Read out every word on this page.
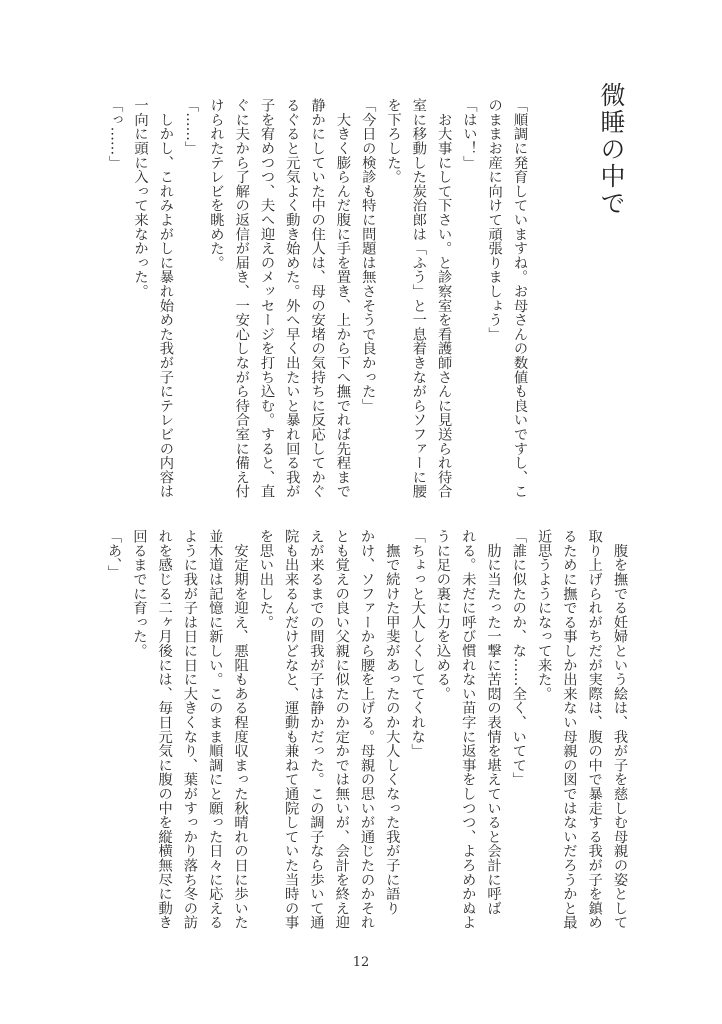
微睡の中で
「順調に発育していますね。お母さんの数値も良いですし、こ
のままお産に向けて頑張りましょう」
「はい！」
　お大事にして下さい。と診察室を看護師さんに見送られ待合
室に移動した炭治郎は「ふう」と一息着きながらソファーに腰
を下ろした。
「今日の検診も特に問題は無さそうで良かった」
　大きく膨らんだ腹に手を置き、上から下へ撫でれば先程まで
静かにしていた中の住人は、母の安堵の気持ちに反応してかぐ
るぐると元気よく動き始めた。外へ早く出たいと暴れ回る我が
子を宥めつつ、夫へ迎えのメッセージを打ち込む。すると、直
ぐに夫から了解の返信が届き、一安心しながら待合室に備え付
けられたテレビを眺めた。
「……」
　しかし、これみよがしに暴れ始めた我が子にテレビの内容は
一向に頭に入って来なかった。
「っ……」
　腹を撫でる妊婦という絵は、我が子を慈しむ母親の姿として
取り上げられがちだが実際は、腹の中で暴走する我が子を鎮め
るために撫でる事しか出来ない母親の図ではないだろうかと最
近思うようになって来た。
「誰に似たのか、な……全く、いてて」
　肋に当たった一撃に苦悶の表情を堪えていると会計に呼ば
れる。未だに呼び慣れない苗字に返事をしつつ、よろめかぬよ
うに足の裏に力を込める。
「ちょっと大人しくしててくれな」
　撫で続けた甲斐があったのか大人しくなった我が子に語り
かけ、ソファーから腰を上げる。母親の思いが通じたのかそれ
とも覚えの良い父親に似たのか定かでは無いが、会計を終え迎
えが来るまでの間我が子は静かだった。この調子なら歩いて通
院も出来るんだけどなと、運動も兼ねて通院していた当時の事
を思い出した。
　安定期を迎え、悪阻もある程度収まった秋晴れの日に歩いた
並木道は記憶に新しい。このまま順調にと願った日々に応える
ように我が子は日に日に大きくなり、葉がすっかり落ち冬の訪
れを感じる二ヶ月後には、毎日元気に腹の中を縦横無尽に動き
回るまでに育った。
「あ、」
12
